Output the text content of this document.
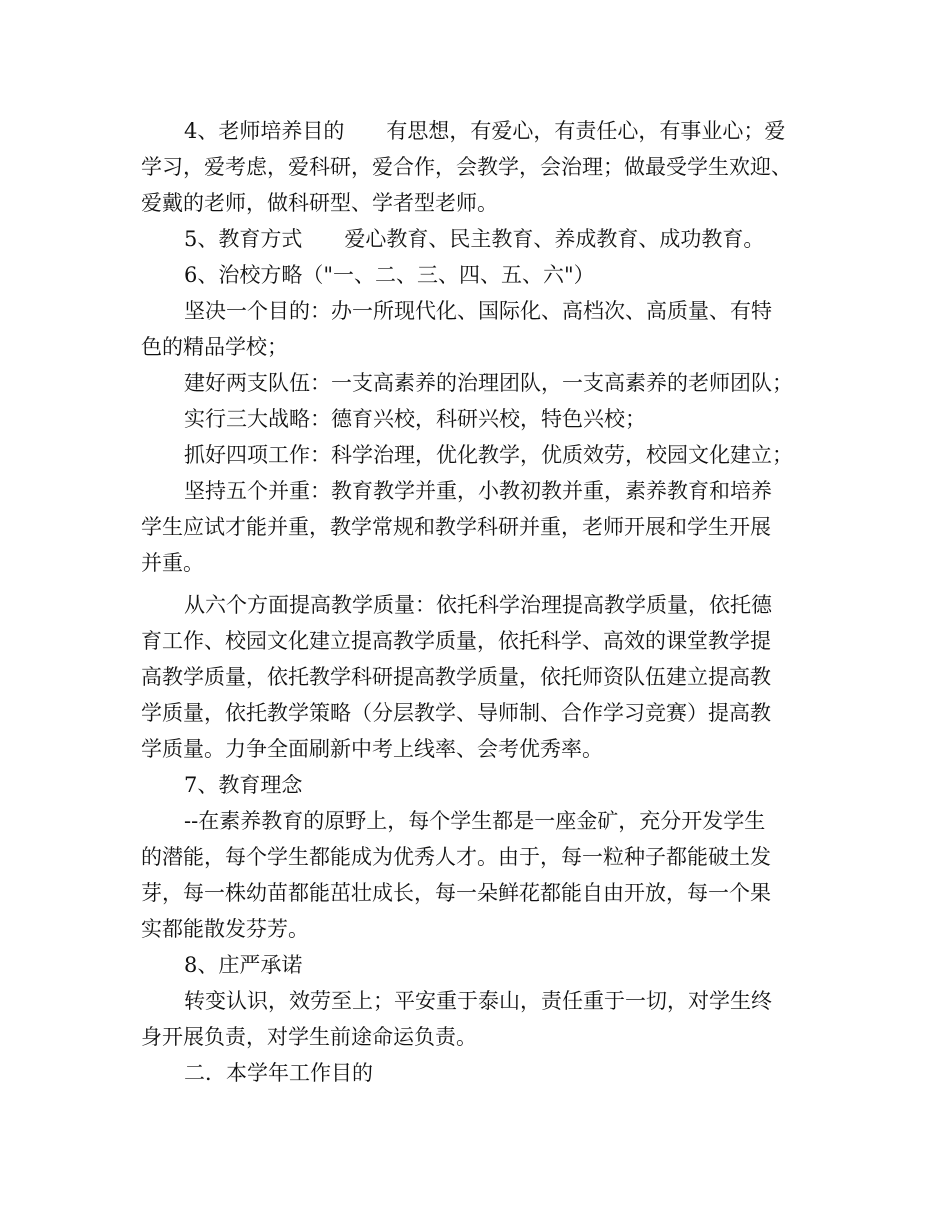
4、老师培养目的　　有思想，有爱心，有责任心，有事业心；爱
学习，爱考虑，爱科研，爱合作，会教学，会治理；做最受学生欢迎、
爱戴的老师，做科研型、学者型老师。
5、教育方式　　爱心教育、民主教育、养成教育、成功教育。
6、治校方略（"一、二、三、四、五、六"）
坚决一个目的：办一所现代化、国际化、高档次、高质量、有特
色的精品学校；
建好两支队伍：一支高素养的治理团队，一支高素养的老师团队；
实行三大战略：德育兴校，科研兴校，特色兴校；
抓好四项工作：科学治理，优化教学，优质效劳，校园文化建立；
坚持五个并重：教育教学并重，小教初教并重，素养教育和培养
学生应试才能并重，教学常规和教学科研并重，老师开展和学生开展
并重。
从六个方面提高教学质量：依托科学治理提高教学质量，依托德
育工作、校园文化建立提高教学质量，依托科学、高效的课堂教学提
高教学质量，依托教学科研提高教学质量，依托师资队伍建立提高教
学质量，依托教学策略（分层教学、导师制、合作学习竞赛）提高教
学质量。力争全面刷新中考上线率、会考优秀率。
7、教育理念
--在素养教育的原野上，每个学生都是一座金矿，充分开发学生
的潜能，每个学生都能成为优秀人才。由于，每一粒种子都能破土发
芽，每一株幼苗都能茁壮成长，每一朵鲜花都能自由开放，每一个果
实都能散发芬芳。
8、庄严承诺
转变认识，效劳至上；平安重于泰山，责任重于一切，对学生终
身开展负责，对学生前途命运负责。
二．本学年工作目的
